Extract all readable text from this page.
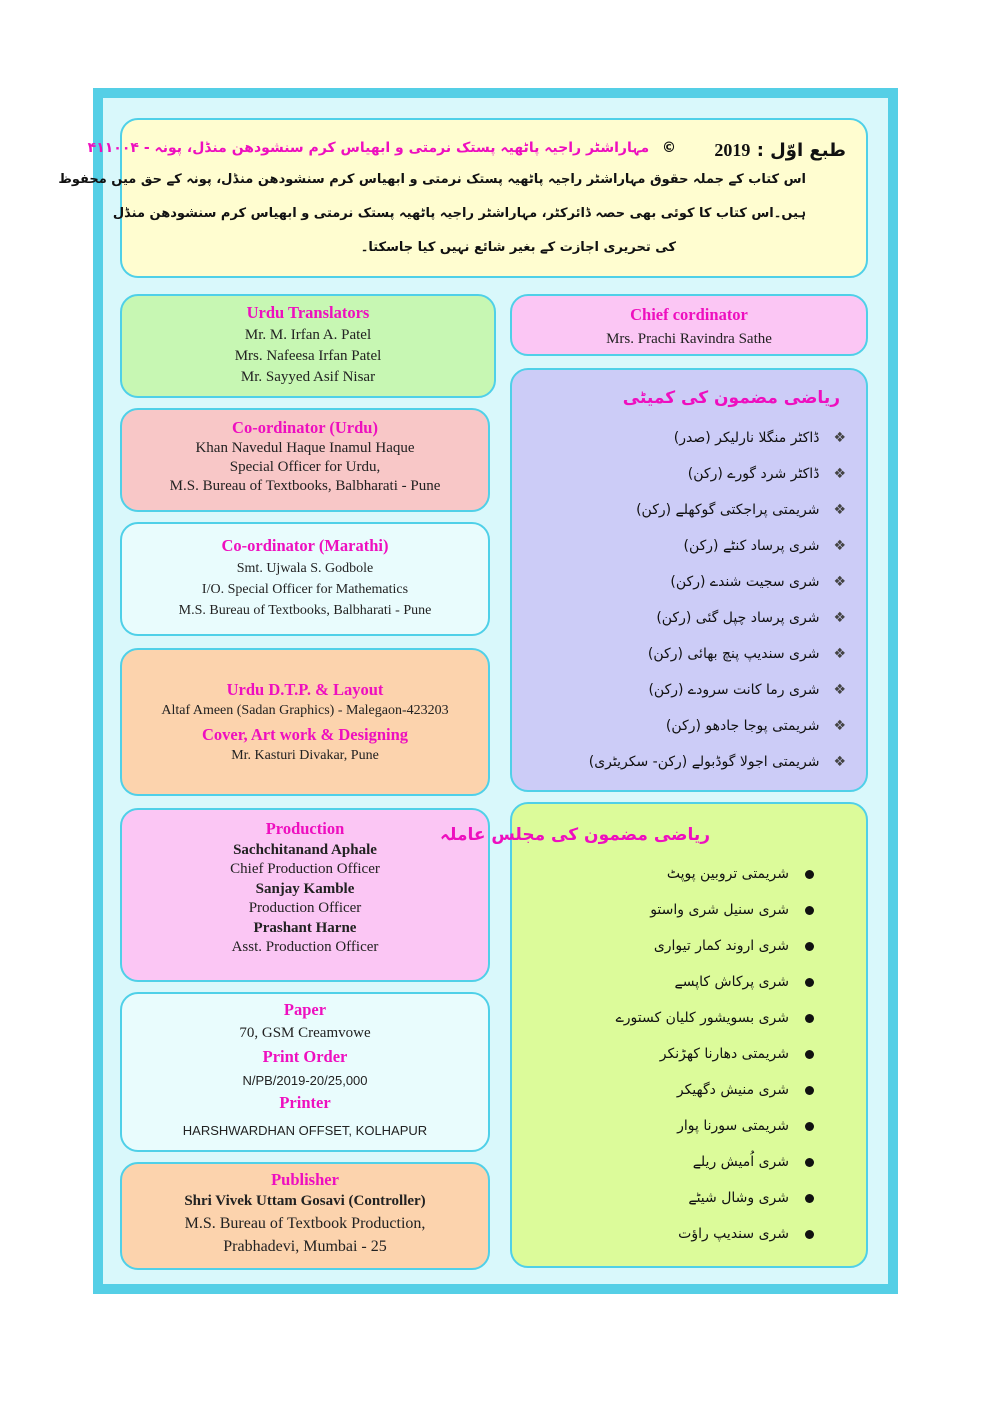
طبع اوّل : 2019
© مہاراشٹر راجیہ پاٹھیہ پستک نرمتی و ابھیاس کرم سنشودھن منڈل، پونہ - ۴۱۱۰۰۴
اس کتاب کے جملہ حقوق مہاراشٹر راجیہ پاٹھیہ پستک نرمتی و ابھیاس کرم سنشودھن منڈل، پونہ کے حق میں محفوظ
ہیں۔اس کتاب کا کوئی بھی حصہ ڈائرکٹر، مہاراشٹر راجیہ پاٹھیہ پستک نرمتی و ابھیاس کرم سنشودھن منڈل
کی تحریری اجازت کے بغیر شائع نہیں کیا جاسکتا۔
Urdu Translators
Mr. M. Irfan A. Patel
Mrs. Nafeesa Irfan Patel
Mr. Sayyed Asif Nisar
Co-ordinator (Urdu)
Khan Navedul Haque Inamul Haque
Special Officer for Urdu,
M.S. Bureau of Textbooks, Balbharati - Pune
Co-ordinator (Marathi)
Smt. Ujwala S. Godbole
I/O. Special Officer for Mathematics
M.S. Bureau of Textbooks, Balbharati - Pune
Urdu D.T.P. & Layout
Altaf Ameen (Sadan Graphics) - Malegaon-423203
Cover, Art work & Designing
Mr. Kasturi Divakar, Pune
Production
Sachchitanand Aphale
Chief Production Officer
Sanjay Kamble
Production Officer
Prashant Harne
Asst. Production Officer
Paper
70, GSM Creamvowe
Print Order
N/PB/2019-20/25,000
Printer
HARSHWARDHAN OFFSET, KOLHAPUR
Publisher
Shri Vivek Uttam Gosavi (Controller)
M.S. Bureau of Textbook Production,
Prabhadevi, Mumbai - 25
Chief cordinator
Mrs. Prachi Ravindra Sathe
ریاضی مضمون کی کمیٹی
❖ڈاکٹر منگلا نارلیکر (صدر)
❖ڈاکٹر شرد گورے (رکن)
❖شریمتی پراجکتی گوکھلے (رکن)
❖شری پرساد کنٹے (رکن)
❖شری سجیت شندے (رکن)
❖شری پرساد چپل گئی (رکن)
❖شری سندیپ پنچ بھائی (رکن)
❖شری رما کانت سرودے (رکن)
❖شریمتی پوجا جادھو (رکن)
❖شریمتی اجولا گوڈبولے (رکن- سکریٹری)
ریاضی مضمون کی مجلس عاملہ
شریمتی تروبین پوپٹ
شری سنیل شری واستو
شری اروند کمار تیواری
شری پرکاش کاپسے
شری بسویشور کلیان کستورے
شریمتی دھارنا کھڑنکر
شری منیش دگھیکر
شریمتی سورنا پوار
شری اُمیش ریلے
شری وشال شیٹے
شری سندیپ راؤت
